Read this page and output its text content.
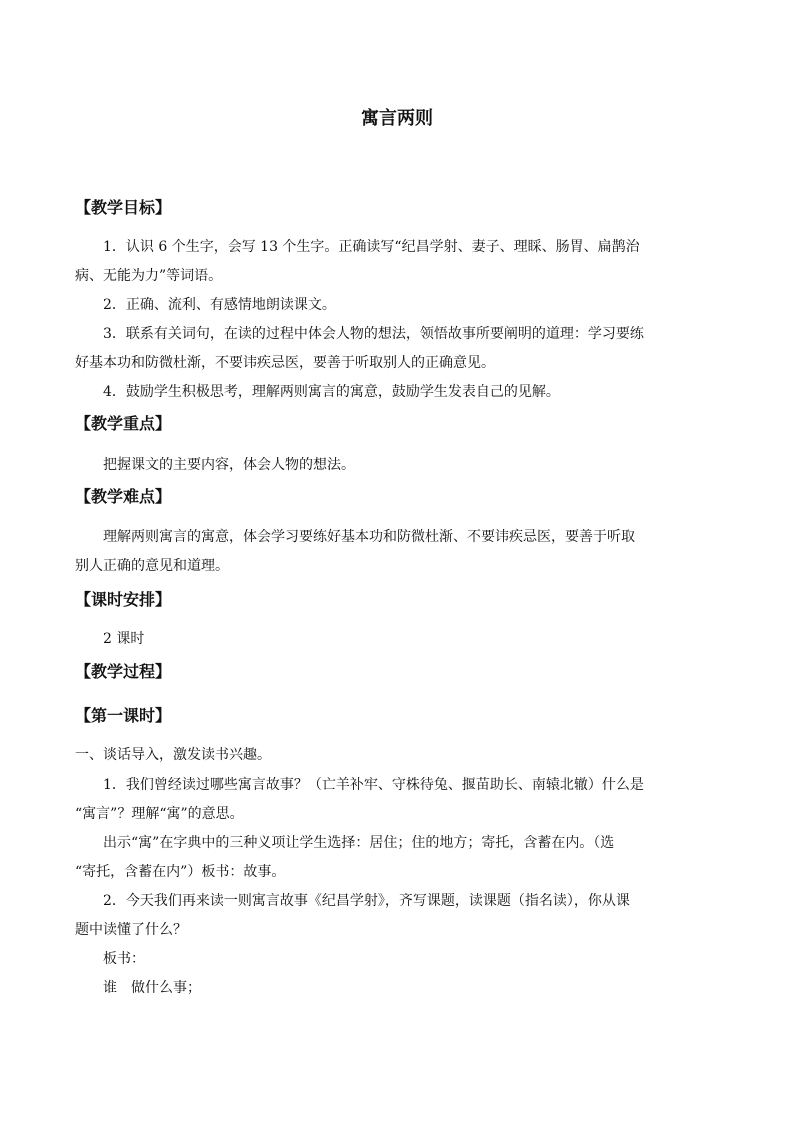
寓言两则
【教学目标】
1．认识 6 个生字，会写 13 个生字。正确读写“纪昌学射、妻子、理睬、肠胃、扁鹊治
病、无能为力”等词语。
2．正确、流利、有感情地朗读课文。
3．联系有关词句，在读的过程中体会人物的想法，领悟故事所要阐明的道理：学习要练
好基本功和防微杜渐，不要讳疾忌医，要善于听取别人的正确意见。
4．鼓励学生积极思考，理解两则寓言的寓意，鼓励学生发表自己的见解。
【教学重点】
把握课文的主要内容，体会人物的想法。
【教学难点】
理解两则寓言的寓意，体会学习要练好基本功和防微杜渐、不要讳疾忌医，要善于听取
别人正确的意见和道理。
【课时安排】
2 课时
【教学过程】
【第一课时】
一、谈话导入，激发读书兴趣。
1．我们曾经读过哪些寓言故事？（亡羊补牢、守株待兔、揠苗助长、南辕北辙）什么是
“寓言”？理解“寓”的意思。
出示“寓”在字典中的三种义项让学生选择：居住；住的地方；寄托，含蓄在内。（选
“寄托，含蓄在内”）板书：故事。
2．今天我们再来读一则寓言故事《纪昌学射》，齐写课题，读课题（指名读），你从课
题中读懂了什么？
板书：
谁　做什么事；
